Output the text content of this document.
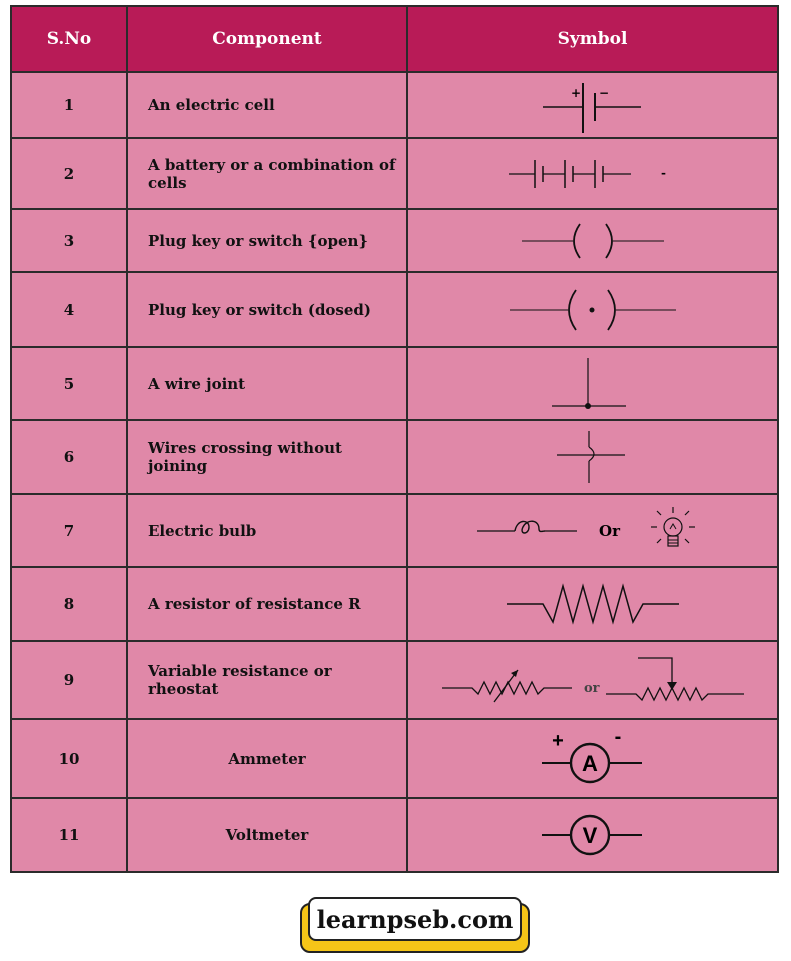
S.No	Component	Symbol
1	An electric cell
+ −
2	A battery or a combination of cells
-
3	Plug key or switch {open}
4	Plug key or switch (dosed)
5	A wire joint
6	Wires crossing without joining
7	Electric bulb	Or
8	A resistor of resistance R
9	Variable resistance or rheostat	or
10	Ammeter	A
+	-
11	Voltmeter	V
learnpseb.com
